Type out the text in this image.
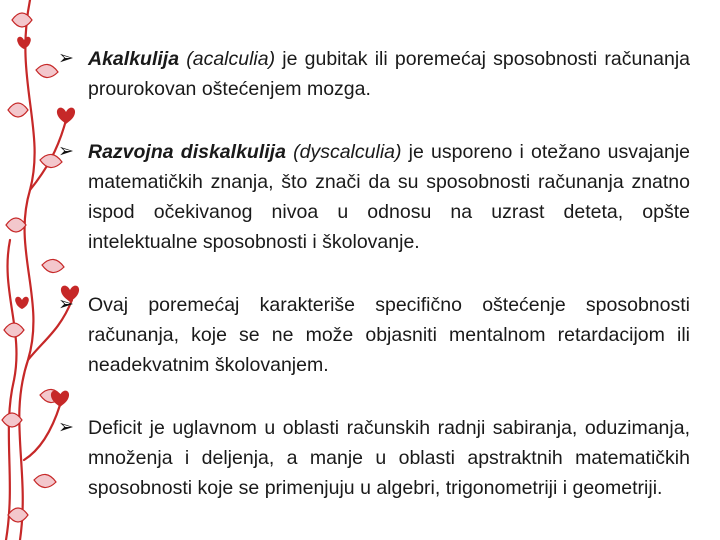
➢ Akalkulija (acalculia) je gubitak ili poremećaj sposobnosti računanja prourokovan oštećenjem mozga.
➢ Razvojna diskalkulija (dyscalculia) je usporeno i otežano usvajanje matematičkih znanja, što znači da su sposobnosti računanja znatno ispod očekivanog nivoa u odnosu na uzrast deteta, opšte intelektualne sposobnosti i školovanje.
➢ Ovaj poremećaj karakteriše specifično oštećenje sposobnosti računanja, koje se ne može objasniti mentalnom retardacijom ili neadekvatnim školovanjem.
➢ Deficit je uglavnom u oblasti računskih radnji sabiranja, oduzimanja, množenja i deljenja, a manje u oblasti apstraktnih matematičkih sposobnosti koje se primenjuju u algebri, trigonometriji i geometriji.
